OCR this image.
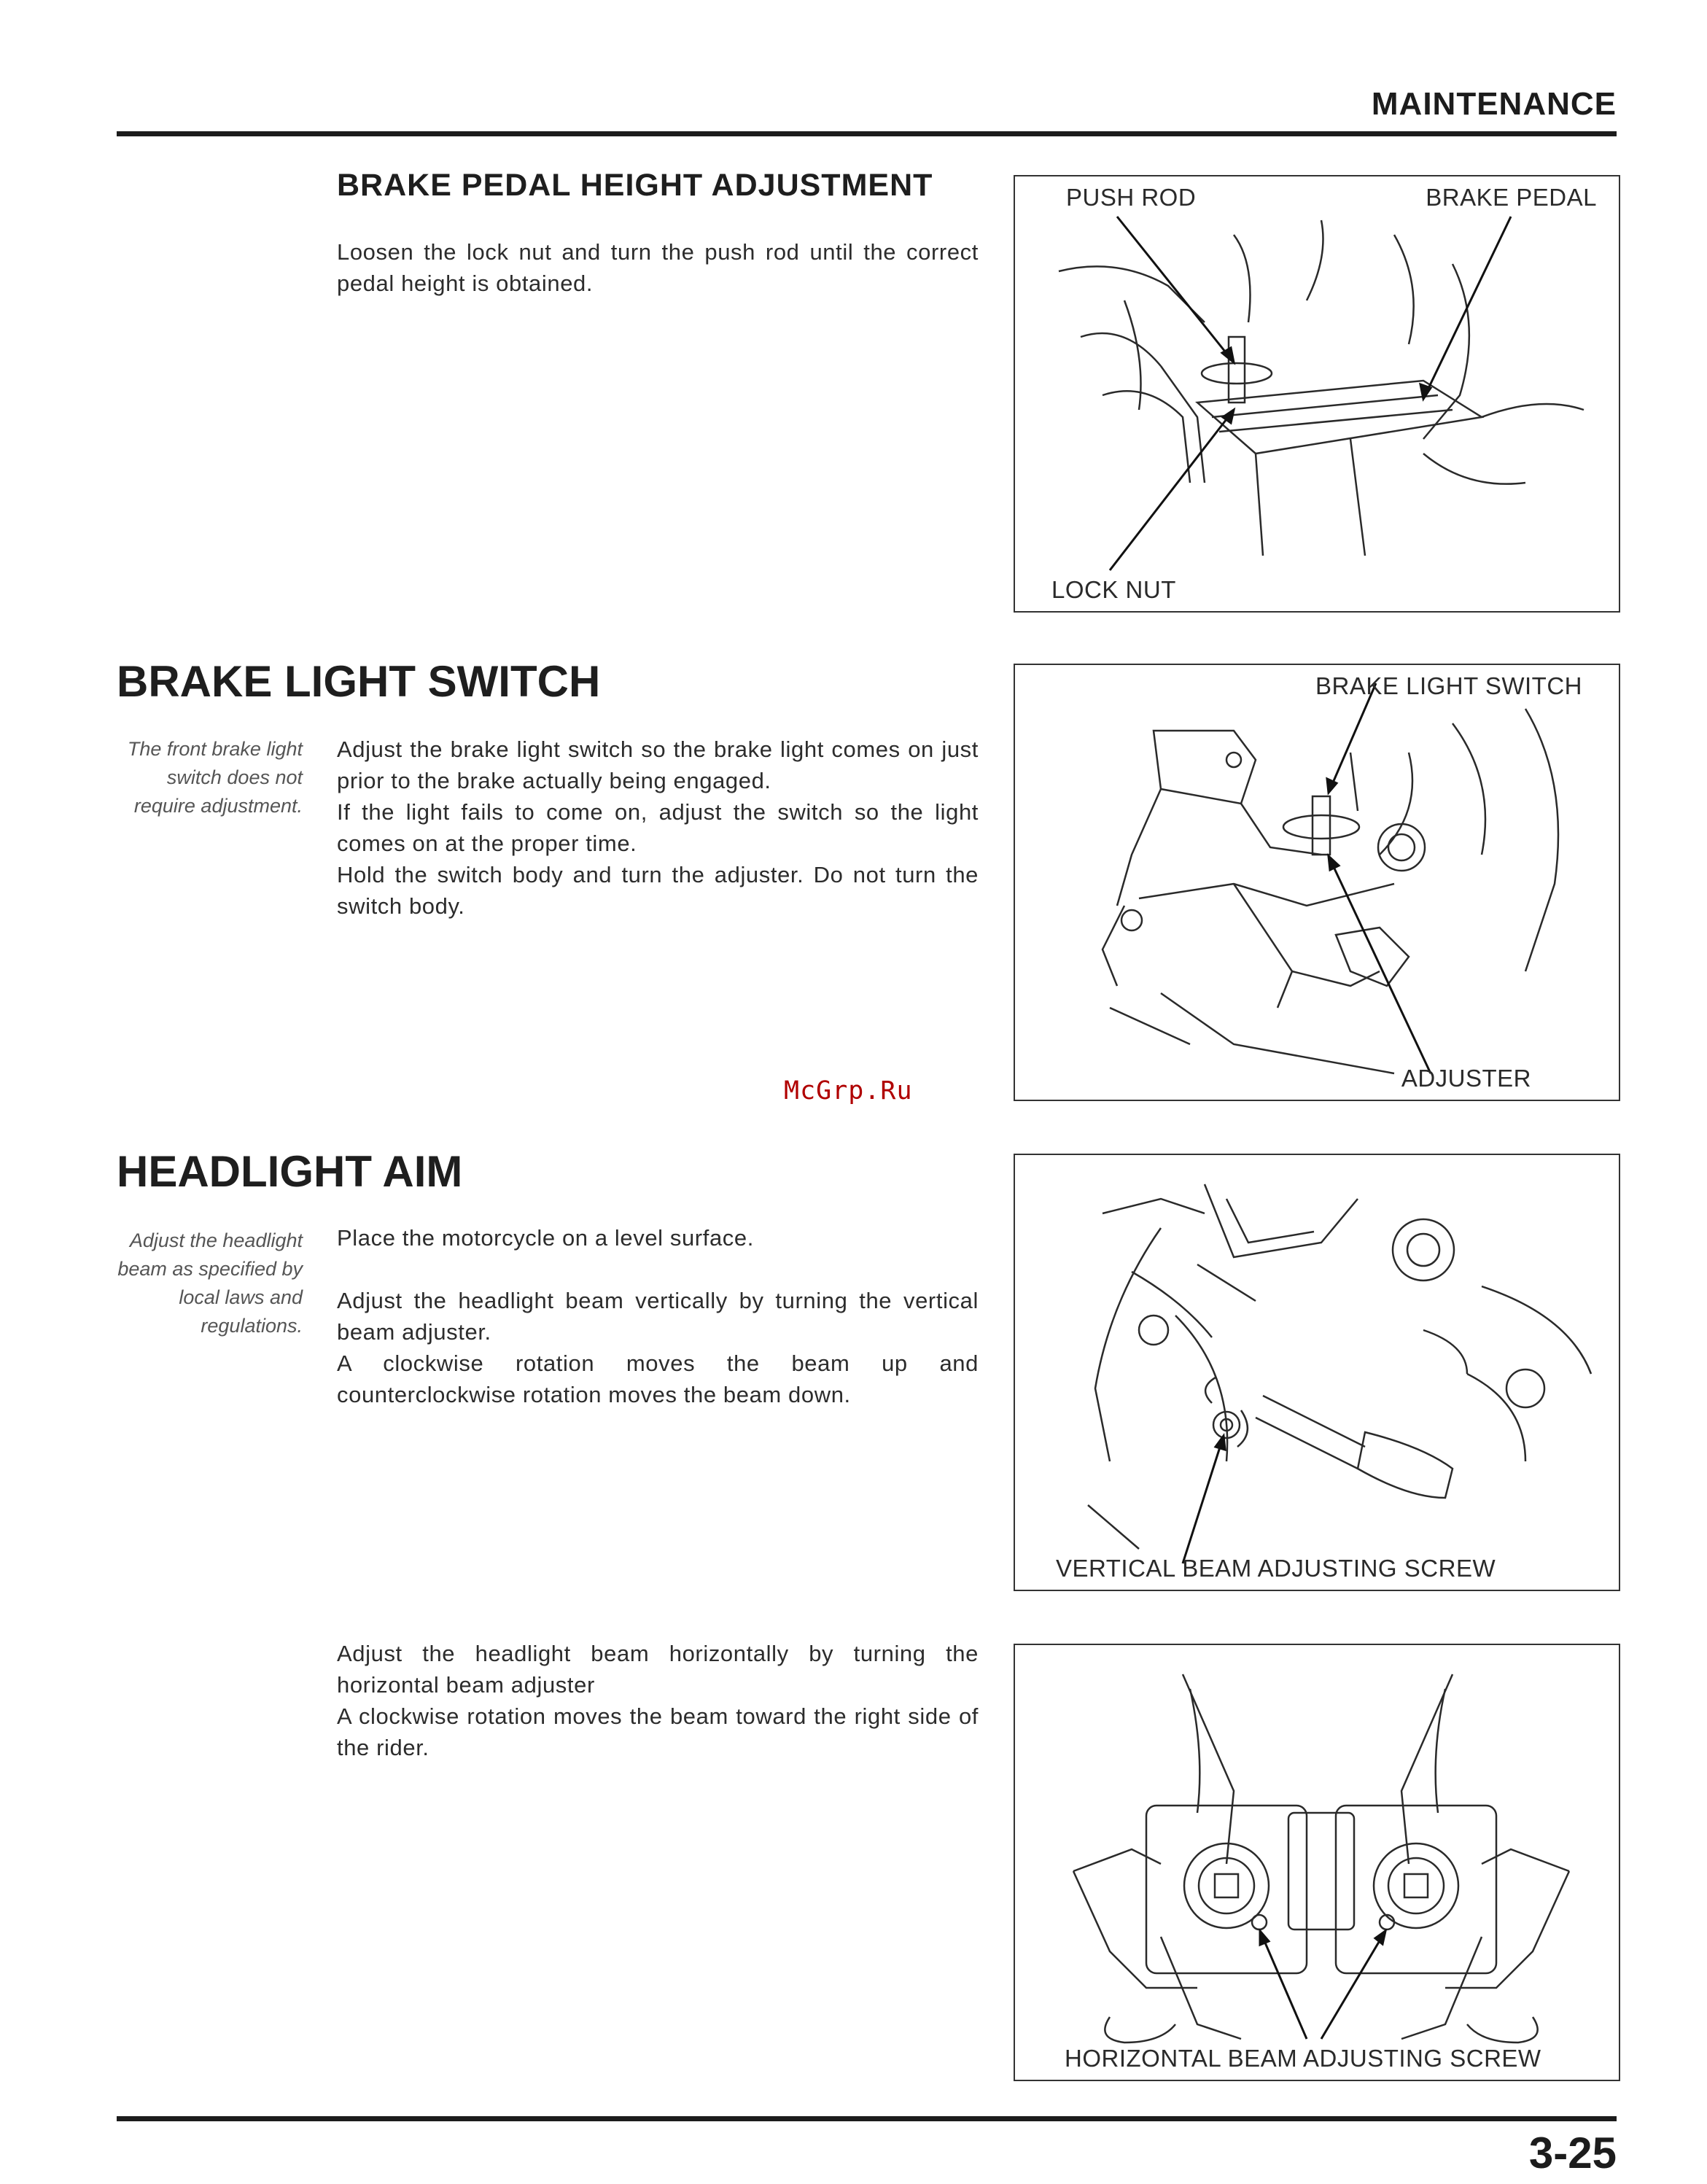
MAINTENANCE
BRAKE PEDAL HEIGHT ADJUSTMENT

Loosen the lock nut and turn the push rod until the correct pedal height is obtained.

PUSH ROD	BRAKE PEDAL
LOCK NUT
BRAKE LIGHT SWITCH
The front brake light switch does not require adjustment.

Adjust the brake light switch so the brake light comes on just prior to the brake actually being engaged.

If the light fails to come on, adjust the switch so the light comes on at the proper time.

Hold the switch body and turn the adjuster. Do not turn the switch body.

BRAKE LIGHT SWITCH
ADJUSTER
McGrp.Ru
HEADLIGHT AIM
Adjust the headlight beam as specified by local laws and regulations.

Place the motorcycle on a level surface.

Adjust the headlight beam vertically by turning the vertical beam adjuster.

A clockwise rotation moves the beam up and counterclockwise rotation moves the beam down.

VERTICAL BEAM ADJUSTING SCREW

Adjust the headlight beam horizontally by turning the horizontal beam adjuster

A clockwise rotation moves the beam toward the right side of the rider.

HORIZONTAL BEAM ADJUSTING SCREW
3-25
